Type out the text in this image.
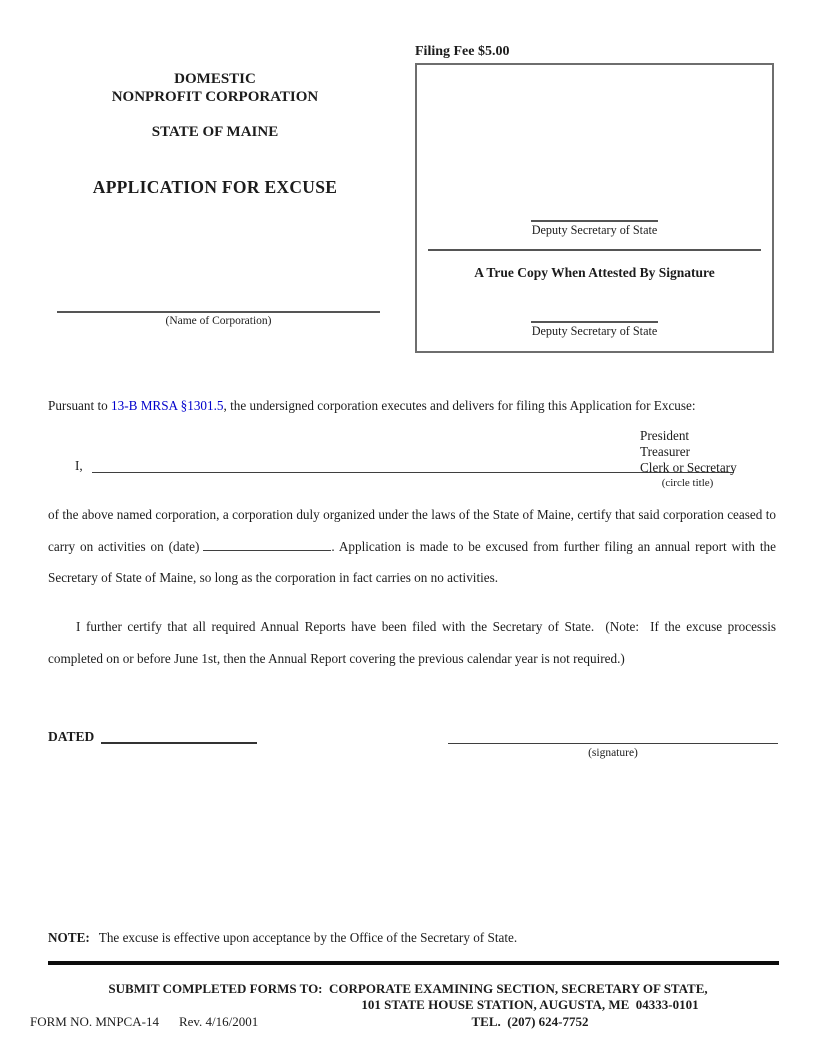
Filing Fee $5.00
Deputy Secretary of State
A True Copy When Attested By Signature
Deputy Secretary of State
DOMESTIC
NONPROFIT CORPORATION
STATE OF MAINE
APPLICATION FOR EXCUSE
(Name of Corporation)
Pursuant to 13-B MRSA §1301.5, the undersigned corporation executes and delivers for filing this Application for Excuse:
President
Treasurer
Clerk or Secretary
I,
(circle title)
of the above named corporation, a corporation duly organized under the laws of the State of Maine, certify that said corporation ceased to carry on activities on (date)	. Application is made to be excused from further filing an annual report with the Secretary of State of Maine, so long as the corporation in fact carries on no activities.
I further certify that all required Annual Reports have been filed with the Secretary of State.  (Note:  If the excuse processis completed on or before June 1st, then the Annual Report covering the previous calendar year is not required.)
DATED
(signature)
NOTE: The excuse is effective upon acceptance by the Office of the Secretary of State.
SUBMIT COMPLETED FORMS TO:  CORPORATE EXAMINING SECTION, SECRETARY OF STATE,
101 STATE HOUSE STATION, AUGUSTA, ME  04333-0101
FORM NO. MNPCA-14 Rev. 4/16/2001	TEL.  (207) 624-7752
